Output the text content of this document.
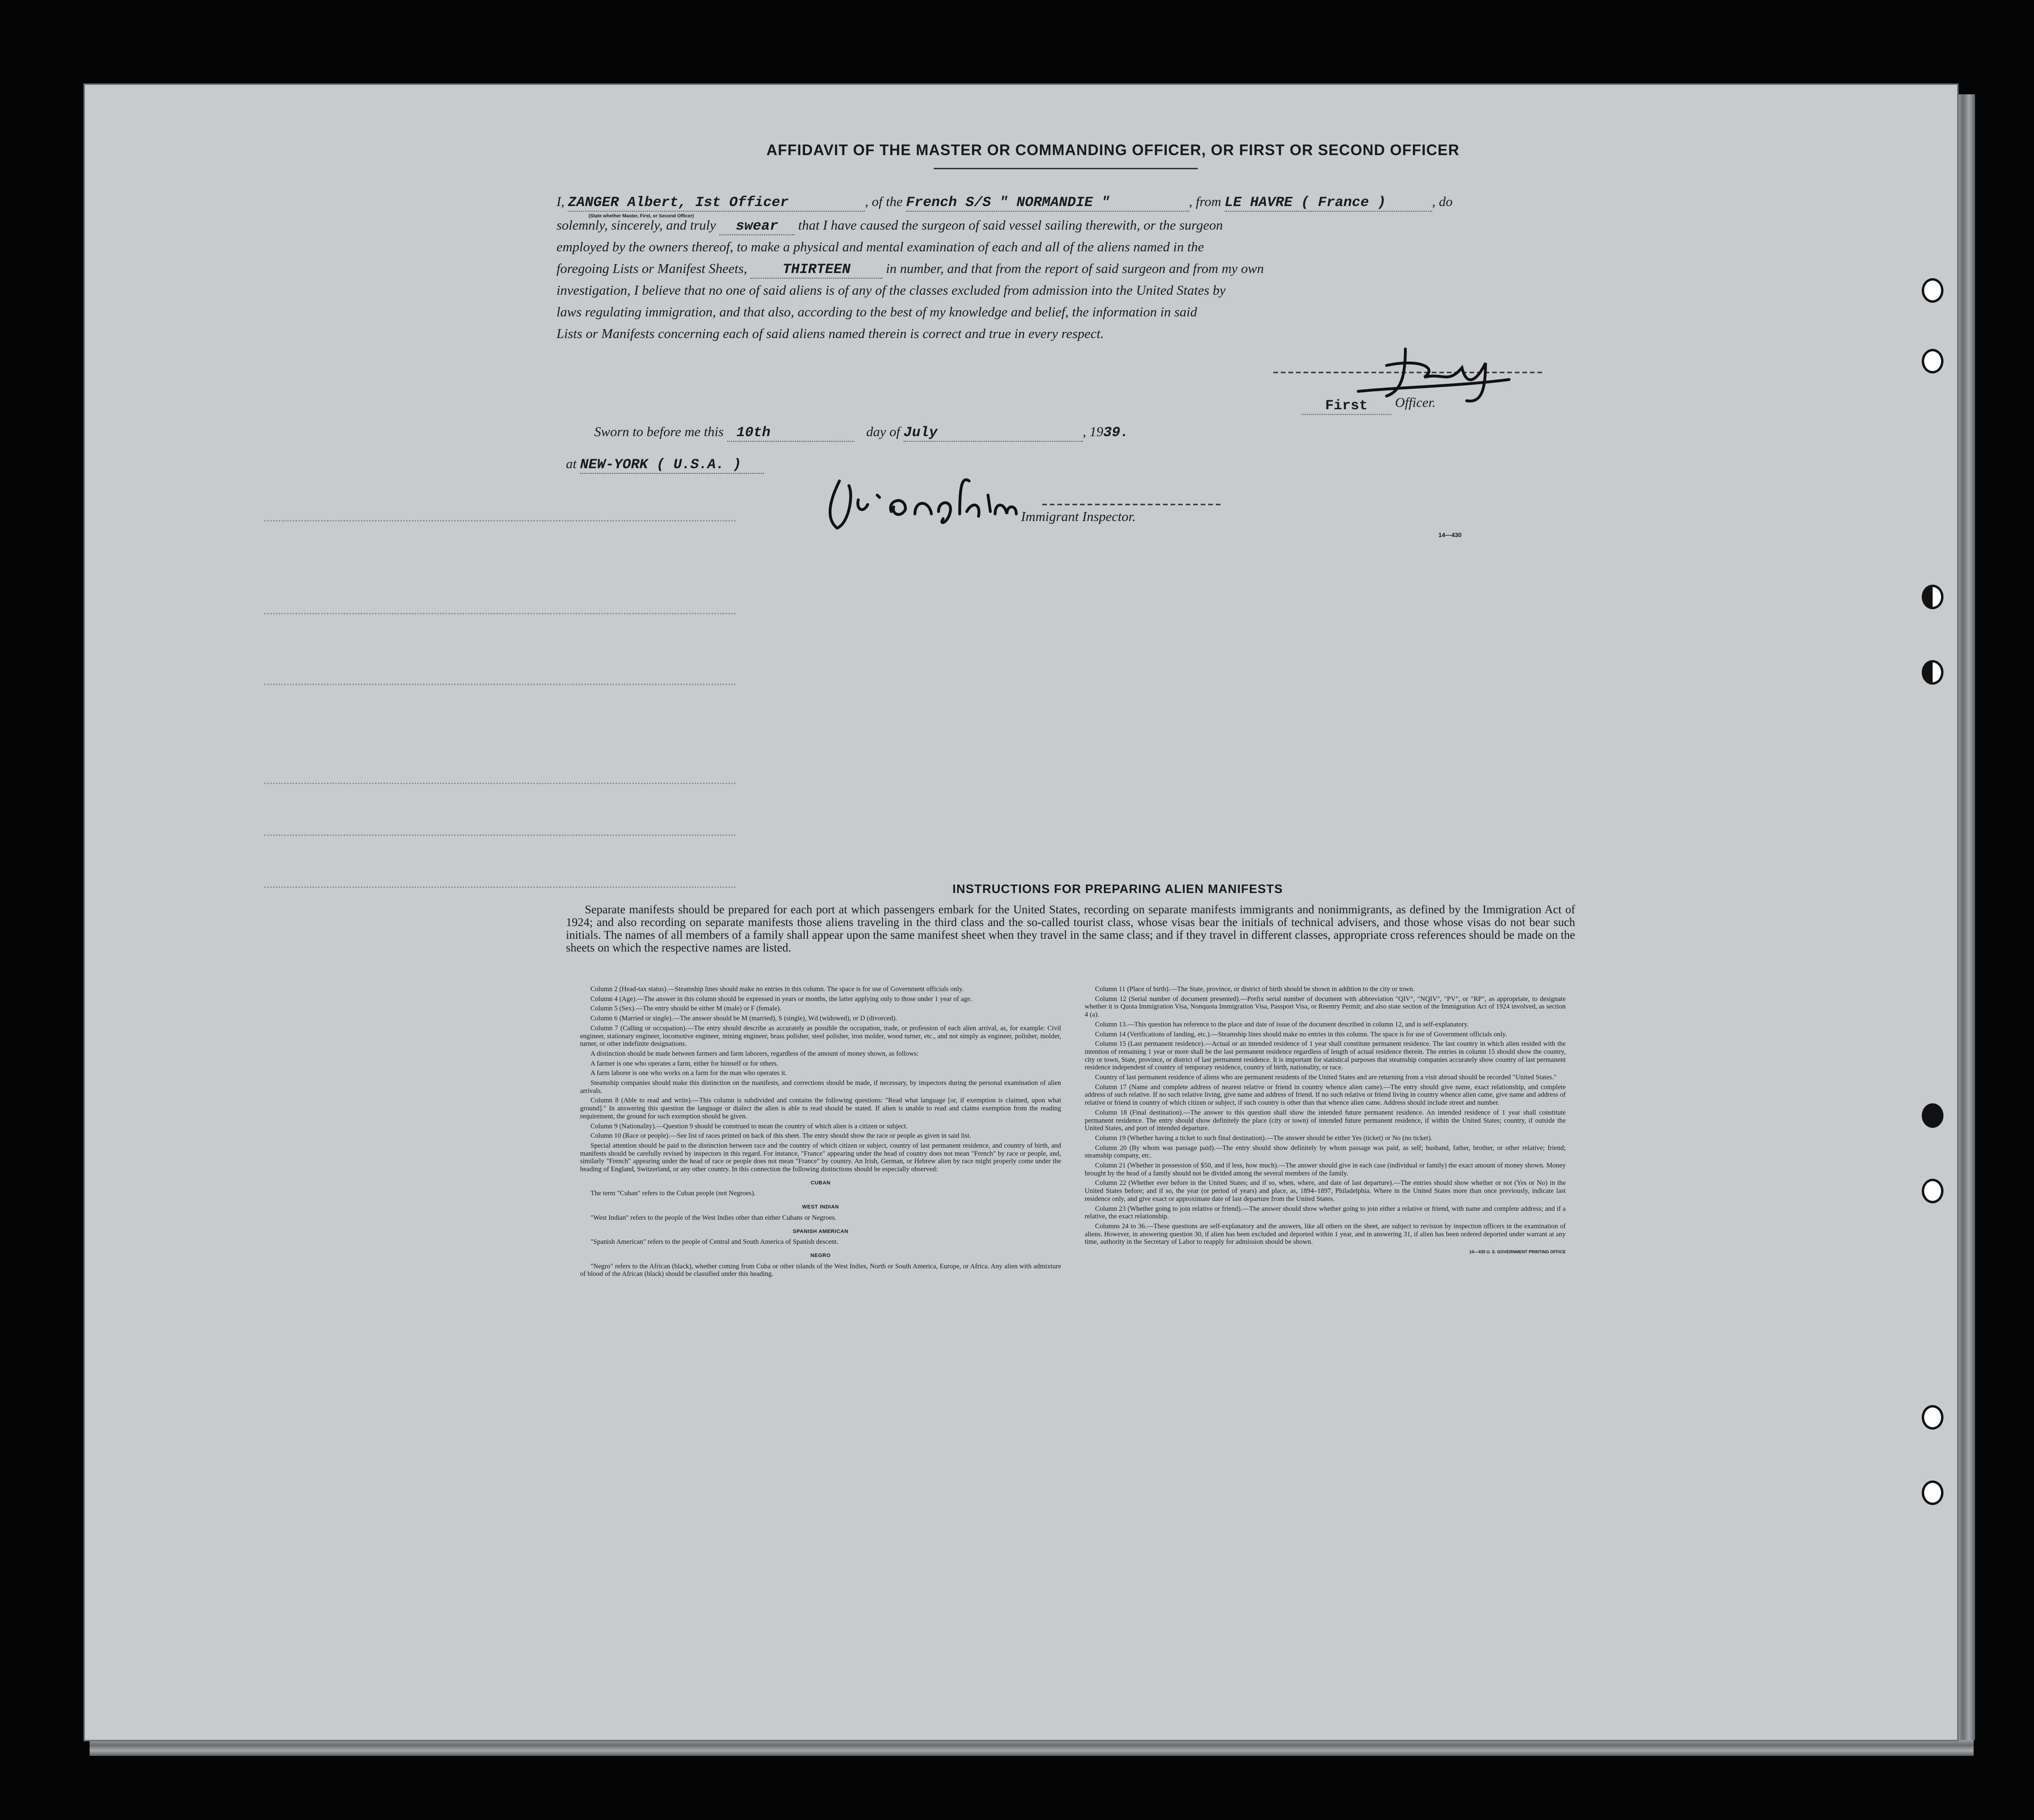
AFFIDAVIT OF THE MASTER OR COMMANDING OFFICER, OR FIRST OR SECOND OFFICER
I, ZANGER Albert, Ist Officer	, of the French S/S " NORMANDIE "	, from LE HAVRE ( France )	, do
(State whether Master, First, or Second Officer)
solemnly, sincerely, and truly swear that I have caused the surgeon of said vessel sailing therewith, or the surgeon

employed by the owners thereof, to make a physical and mental examination of each and all of the aliens named in the

foregoing Lists or Manifest Sheets,	THIRTEEN	in number, and that from the report of said surgeon and from my own

investigation, I believe that no one of said aliens is of any of the classes excluded from admission into the United States by

laws regulating immigration, and that also, according to the best of my knowledge and belief, the information in said

Lists or Manifests concerning each of said aliens named therein is correct and true in every respect.

First	Officer.
Sworn to before me this 10th	day of July	, 1939.
at NEW-YORK ( U.S.A. )
Immigrant Inspector.
14—430
INSTRUCTIONS FOR PREPARING ALIEN MANIFESTS
Separate manifests should be prepared for each port at which passengers embark for the United States, recording on separate manifests immigrants and nonimmigrants, as defined by the Immigration Act of 1924; and also recording on separate manifests those aliens traveling in the third class and the so-called tourist class, whose visas bear the initials of technical advisers, and those whose visas do not bear such initials. The names of all members of a family shall appear upon the same manifest sheet when they travel in the same class; and if they travel in different classes, appropriate cross references should be made on the sheets on which the respective names are listed.

Column 2 (Head-tax status).—Steamship lines should make no entries in this column. The space is for use of Government officials only.

Column 4 (Age).—The answer in this column should be expressed in years or months, the latter applying only to those under 1 year of age.

Column 5 (Sex).—The entry should be either M (male) or F (female).

Column 6 (Married or single).—The answer should be M (married), S (single), Wd (widowed), or D (divorced).

Column 7 (Calling or occupation).—The entry should describe as accurately as possible the occupation, trade, or profession of each alien arrival, as, for example: Civil engineer, stationary engineer, locomotive engineer, mining engineer, brass polisher, steel polisher, iron molder, wood turner, etc., and not simply as engineer, polisher, molder, turner, or other indefinite designations.

A distinction should be made between farmers and farm laborers, regardless of the amount of money shown, as follows:

A farmer is one who operates a farm, either for himself or for others.

A farm laborer is one who works on a farm for the man who operates it.

Steamship companies should make this distinction on the manifests, and corrections should be made, if necessary, by inspectors during the personal examination of alien arrivals.

Column 8 (Able to read and write).—This column is subdivided and contains the following questions: "Read what language [or, if exemption is claimed, upon what ground]." In answering this question the language or dialect the alien is able to read should be stated. If alien is unable to read and claims exemption from the reading requirement, the ground for such exemption should be given.

Column 9 (Nationality).—Question 9 should be construed to mean the country of which alien is a citizen or subject.

Column 10 (Race or people).—See list of races printed on back of this sheet. The entry should show the race or people as given in said list.

Special attention should be paid to the distinction between race and the country of which citizen or subject, country of last permanent residence, and country of birth, and manifests should be carefully revised by inspectors in this regard. For instance, "France" appearing under the head of country does not mean "French" by race or people, and, similarly "French" appearing under the head of race or people does not mean "France" by country. An Irish, German, or Hebrew alien by race might properly come under the heading of England, Switzerland, or any other country. In this connection the following distinctions should be especially observed:

CUBAN

The term "Cuban" refers to the Cuban people (not Negroes).

WEST INDIAN

"West Indian" refers to the people of the West Indies other than either Cubans or Negroes.

SPANISH AMERICAN

"Spanish American" refers to the people of Central and South America of Spanish descent.

NEGRO

"Negro" refers to the African (black), whether coming from Cuba or other islands of the West Indies, North or South America, Europe, or Africa. Any alien with admixture of blood of the African (black) should be classified under this heading.

Column 11 (Place of birth).—The State, province, or district of birth should be shown in addition to the city or town.

Column 12 (Serial number of document presented).—Prefix serial number of document with abbreviation "QIV", "NQIV", "PV", or "RP", as appropriate, to designate whether it is Quota Immigration Visa, Nonquota Immigration Visa, Passport Visa, or Reentry Permit; and also state section of the Immigration Act of 1924 involved, as section 4 (a).

Column 13.—This question has reference to the place and date of issue of the document described in column 12, and is self-explanatory.

Column 14 (Verifications of landing, etc.).—Steamship lines should make no entries in this column. The space is for use of Government officials only.

Column 15 (Last permanent residence).—Actual or an intended residence of 1 year shall constitute permanent residence. The last country in which alien resided with the intention of remaining 1 year or more shall be the last permanent residence regardless of length of actual residence therein. The entries in column 15 should show the country, city or town, State, province, or district of last permanent residence. It is important for statistical purposes that steamship companies accurately show country of last permanent residence independent of country of temporary residence, country of birth, nationality, or race.

Country of last permanent residence of aliens who are permanent residents of the United States and are returning from a visit abroad should be recorded "United States."

Column 17 (Name and complete address of nearest relative or friend in country whence alien came).—The entry should give name, exact relationship, and complete address of such relative. If no such relative living, give name and address of friend. If no such relative or friend living in country whence alien came, give name and address of relative or friend in country of which citizen or subject, if such country is other than that whence alien came. Address should include street and number.

Column 18 (Final destination).—The answer to this question shall show the intended future permanent residence. An intended residence of 1 year shall constitute permanent residence. The entry should show definitely the place (city or town) of intended future permanent residence, if within the United States; country, if outside the United States, and port of intended departure.

Column 19 (Whether having a ticket to such final destination).—The answer should be either Yes (ticket) or No (no ticket).

Column 20 (By whom was passage paid).—The entry should show definitely by whom passage was paid, as self; husband, father, brother, or other relative; friend; steamship company, etc.

Column 21 (Whether in possession of $50, and if less, how much).—The answer should give in each case (individual or family) the exact amount of money shown. Money brought by the head of a family should not be divided among the several members of the family.

Column 22 (Whether ever before in the United States; and if so, when, where, and date of last departure).—The entries should show whether or not (Yes or No) in the United States before; and if so, the year (or period of years) and place, as, 1894–1897, Philadelphia. Where in the United States more than once previously, indicate last residence only, and give exact or approximate date of last departure from the United States.

Column 23 (Whether going to join relative or friend).—The answer should show whether going to join either a relative or friend, with name and complete address; and if a relative, the exact relationship.

Columns 24 to 36.—These questions are self-explanatory and the answers, like all others on the sheet, are subject to revision by inspection officers in the examination of aliens. However, in answering question 30, if alien has been excluded and deported within 1 year, and in answering 31, if alien has been ordered deported under warrant at any time, authority in the Secretary of Labor to reapply for admission should be shown.

14—430 U. S. GOVERNMENT PRINTING OFFICE
